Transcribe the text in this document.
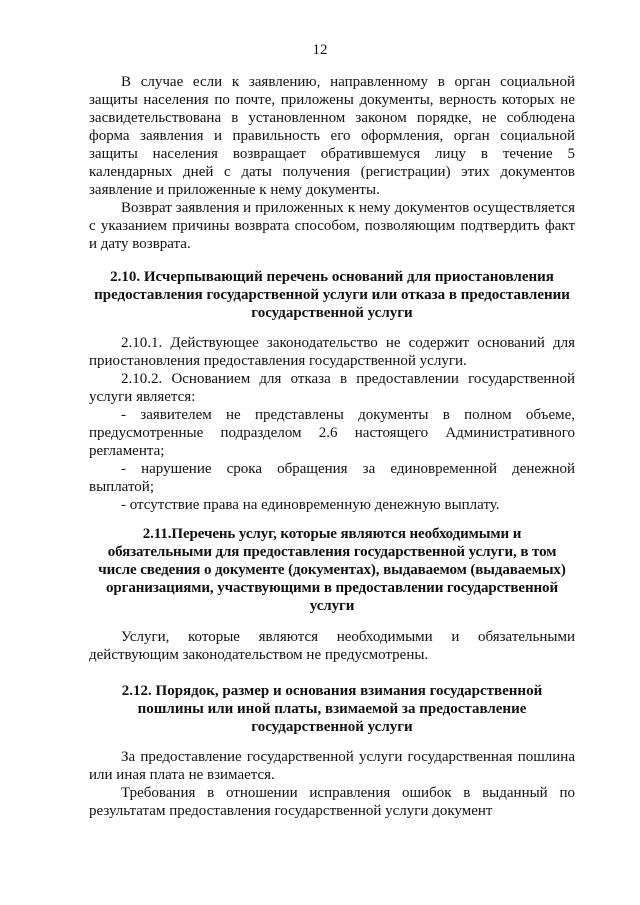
12

В случае если к заявлению, направленному в орган социальной защиты населения по почте, приложены документы, верность которых не засвидетельствована в установленном законом порядке, не соблюдена форма заявления и правильность его оформления, орган социальной защиты населения возвращает обратившемуся лицу в течение 5 календарных дней с даты получения (регистрации) этих документов заявление и приложенные к нему документы.

Возврат заявления и приложенных к нему документов осуществляется с указанием причины возврата способом, позволяющим подтвердить факт и дату возврата.

2.10. Исчерпывающий перечень оснований для приостановления предоставления государственной услуги или отказа в предоставлении государственной услуги

2.10.1. Действующее законодательство не содержит оснований для приостановления предоставления государственной услуги.

2.10.2. Основанием для отказа в предоставлении государственной услуги является:

- заявителем не представлены документы в полном объеме, предусмотренные подразделом 2.6 настоящего Административного регламента;

- нарушение срока обращения за единовременной денежной выплатой;

- отсутствие права на единовременную денежную выплату.

2.11.Перечень услуг, которые являются необходимыми и обязательными для предоставления государственной услуги, в том числе сведения о документе (документах), выдаваемом (выдаваемых) организациями, участвующими в предоставлении государственной услуги

Услуги, которые являются необходимыми и обязательными действующим законодательством не предусмотрены.

2.12. Порядок, размер и основания взимания государственной пошлины или иной платы, взимаемой за предоставление государственной услуги

За предоставление государственной услуги государственная пошлина или иная плата не взимается.

Требования в отношении исправления ошибок в выданный по результатам предоставления государственной услуги документ
